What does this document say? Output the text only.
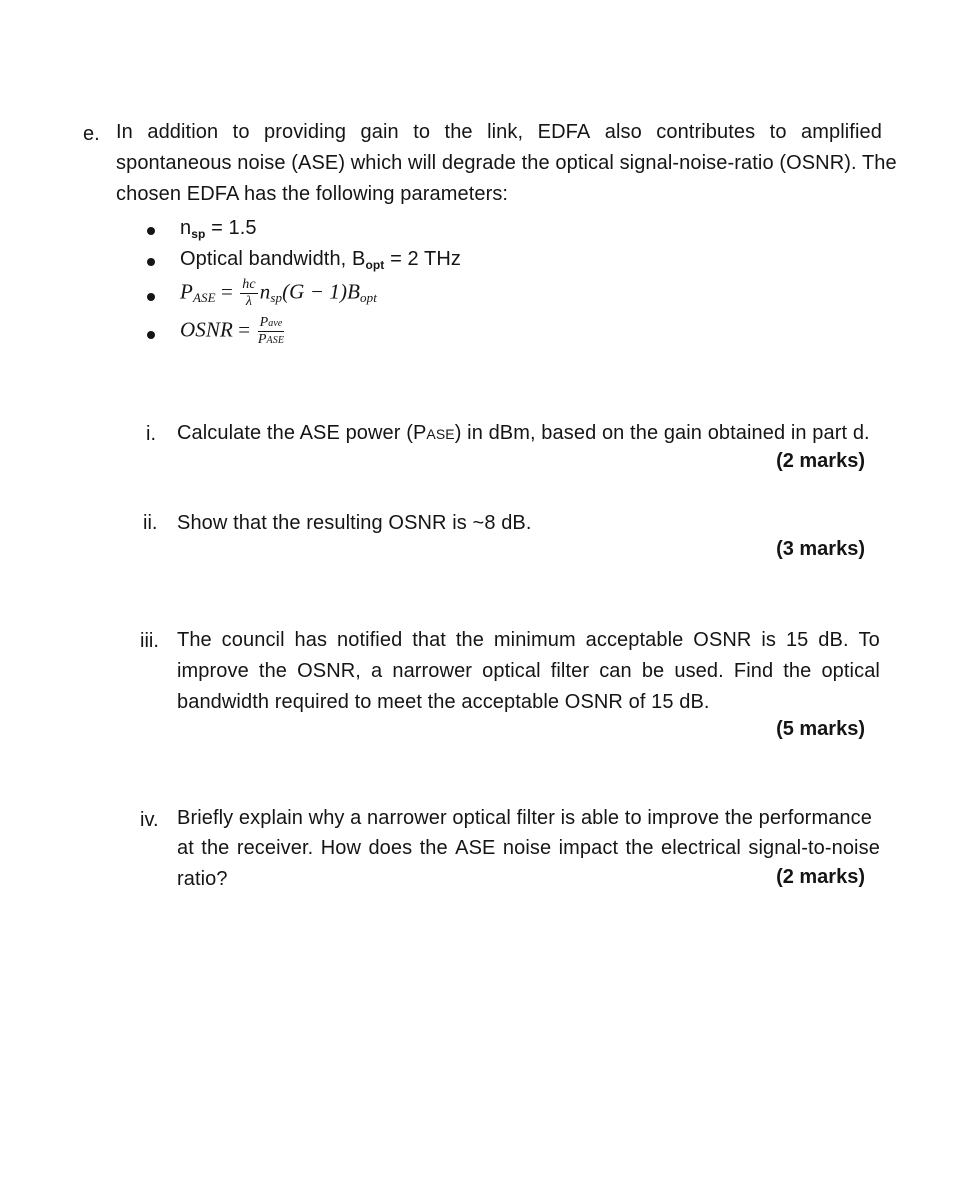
e. In addition to providing gain to the link, EDFA also contributes to amplified
spontaneous noise (ASE) which will degrade the optical signal-noise-ratio (OSNR). The
chosen EDFA has the following parameters:
$n_{sp} = 1.5$
Optical bandwidth, $B_{opt} = 2$ THz
PASE = $\frac{hc}{\lambda} nsp(G$ − 1)Bopt
OSNR = $\frac{\text{Pave}}{\text{PASE}}$
i. Calculate the ASE power (PASE) in dBm, based on the gain obtained in part d.
(2 marks)
ii. Show that the resulting OSNR is ~8 dB.
(3 marks)
iii. The council has notified that the minimum acceptable OSNR is 15 dB. To
improve the OSNR, a narrower optical filter can be used. Find the optical
bandwidth required to meet the acceptable OSNR of 15 dB.
(5 marks)
iv. Briefly explain why a narrower optical filter is able to improve the performance
at the receiver. How does the ASE noise impact the electrical signal-to-noise
ratio?	(2 marks)
